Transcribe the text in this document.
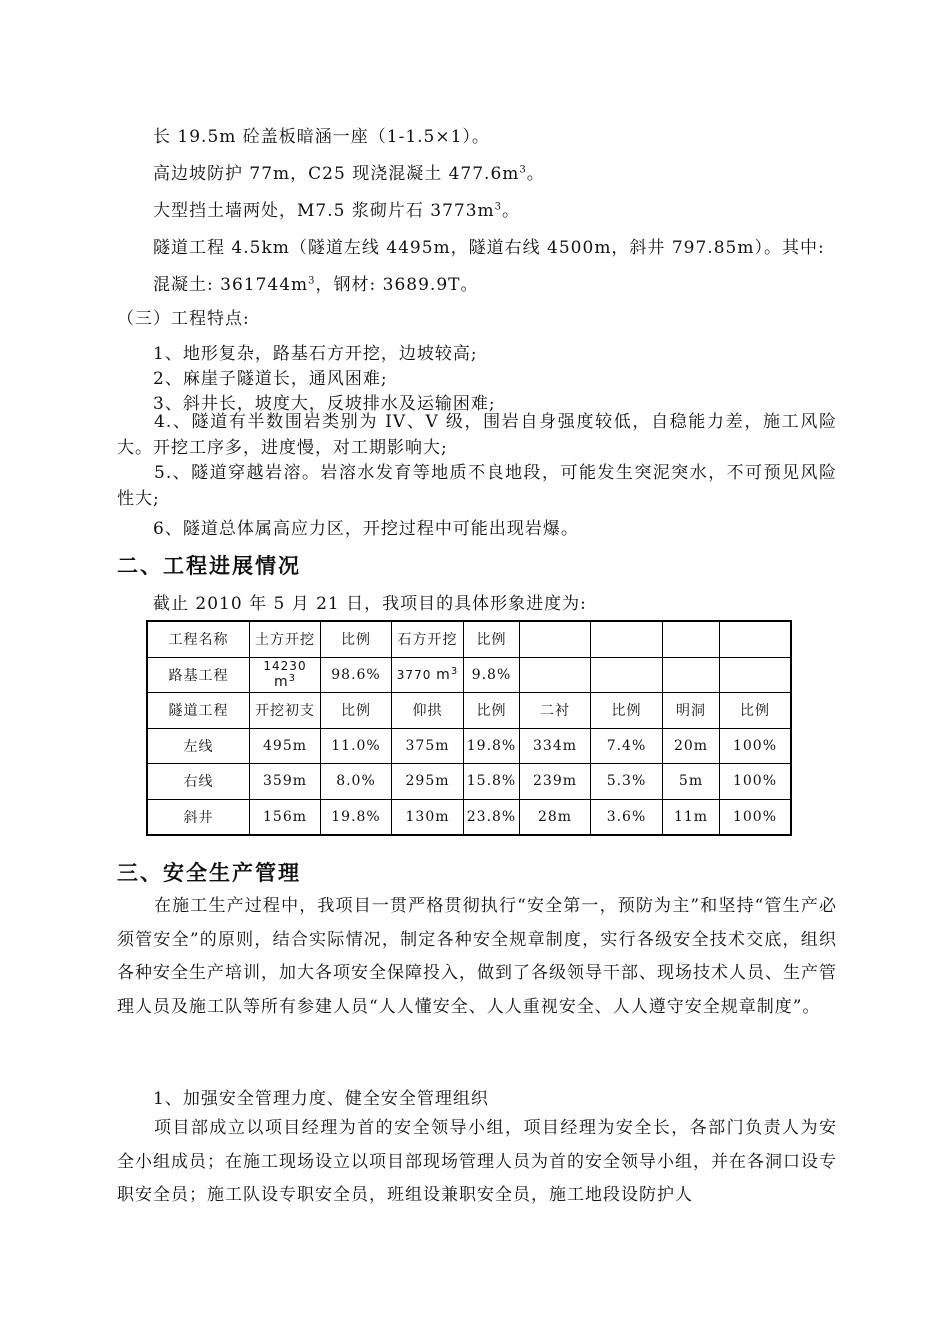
长 19.5m 砼盖板暗涵一座（1-1.5×1）。
高边坡防护 77m，C25 现浇混凝土 $477.6m^3$。
大型挡土墙两处，M7.5 浆砌片石 $3773m^3$。
隧道工程 4.5km（隧道左线 4495m，隧道右线 4500m，斜井 797.85m）。其中:
混凝土: $361744m^3$，钢材: 3689.9T。
（三）工程特点:
1、地形复杂，路基石方开挖，边坡较高;
2、麻崖子隧道长，通风困难;
3、斜井长，坡度大，反坡排水及运输困难;
4.、隧道有半数围岩类别为 IV、V 级，围岩自身强度较低，自稳能力差，施工风险大。开挖工序多，进度慢，对工期影响大;
5.、隧道穿越岩溶。岩溶水发育等地质不良地段，可能发生突泥突水，不可预见风险性大;
6、隧道总体属高应力区，开挖过程中可能出现岩爆。
二、工程进展情况
截止 2010 年 5 月 21 日，我项目的具体形象进度为:
工程名称	土方开挖	比例	石方开挖	比例				
路基工程	14230 $m^3$	98.6%	3770 $m^3$	9.8%				
隧道工程	开挖初支	比例	仰拱	比例	二衬	比例	明洞	比例
左线	495m	11.0%	375m	19.8%	334m	7.4%	20m	100%
右线	359m	8.0%	295m	15.8%	239m	5.3%	5m	100%
斜井	156m	19.8%	130m	23.8%	28m	3.6%	11m	100%
三、安全生产管理
在施工生产过程中，我项目一贯严格贯彻执行“安全第一，预防为主”和坚持“管生产必须管安全”的原则，结合实际情况，制定各种安全规章制度，实行各级安全技术交底，组织各种安全生产培训，加大各项安全保障投入，做到了各级领导干部、现场技术人员、生产管理人员及施工队等所有参建人员“人人懂安全、人人重视安全、人人遵守安全规章制度”。
1、加强安全管理力度、健全安全管理组织
项目部成立以项目经理为首的安全领导小组，项目经理为安全长，各部门负责人为安全小组成员；在施工现场设立以项目部现场管理人员为首的安全领导小组，并在各洞口设专职安全员；施工队设专职安全员，班组设兼职安全员，施工地段设防护人
